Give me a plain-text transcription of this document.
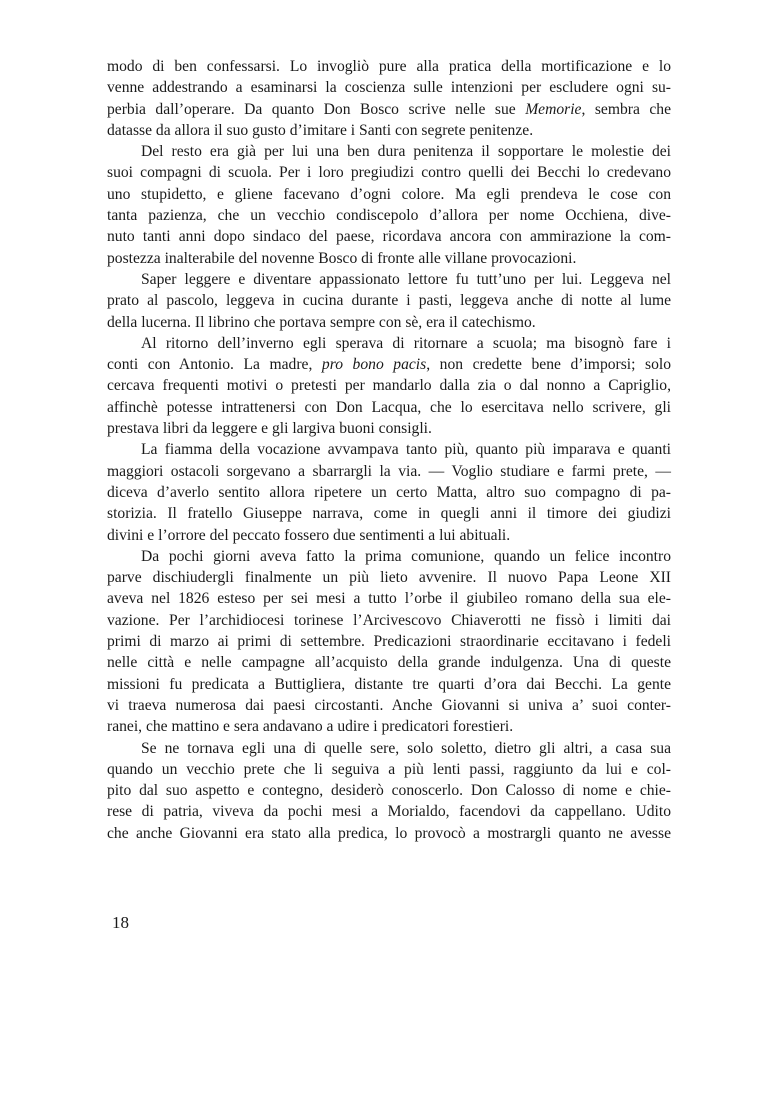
modo di ben confessarsi. Lo invogliò pure alla pratica della mortificazione e lo
venne addestrando a esaminarsi la coscienza sulle intenzioni per escludere ogni su-
perbia dall’operare. Da quanto Don Bosco scrive nelle sue Memorie, sembra che
datasse da allora il suo gusto d’imitare i Santi con segrete penitenze.
Del resto era già per lui una ben dura penitenza il sopportare le molestie dei
suoi compagni di scuola. Per i loro pregiudizi contro quelli dei Becchi lo credevano
uno stupidetto, e gliene facevano d’ogni colore. Ma egli prendeva le cose con
tanta pazienza, che un vecchio condiscepolo d’allora per nome Occhiena, dive-
nuto tanti anni dopo sindaco del paese, ricordava ancora con ammirazione la com-
postezza inalterabile del novenne Bosco di fronte alle villane provocazioni.
Saper leggere e diventare appassionato lettore fu tutt’uno per lui. Leggeva nel
prato al pascolo, leggeva in cucina durante i pasti, leggeva anche di notte al lume
della lucerna. Il librino che portava sempre con sè, era il catechismo.
Al ritorno dell’inverno egli sperava di ritornare a scuola; ma bisognò fare i
conti con Antonio. La madre, pro bono pacis, non credette bene d’imporsi; solo
cercava frequenti motivi o pretesti per mandarlo dalla zia o dal nonno a Capriglio,
affinchè potesse intrattenersi con Don Lacqua, che lo esercitava nello scrivere, gli
prestava libri da leggere e gli largiva buoni consigli.
La fiamma della vocazione avvampava tanto più, quanto più imparava e quanti
maggiori ostacoli sorgevano a sbarrargli la via. — Voglio studiare e farmi prete, —
diceva d’averlo sentito allora ripetere un certo Matta, altro suo compagno di pa-
storizia. Il fratello Giuseppe narrava, come in quegli anni il timore dei giudizi
divini e l’orrore del peccato fossero due sentimenti a lui abituali.
Da pochi giorni aveva fatto la prima comunione, quando un felice incontro
parve dischiudergli finalmente un più lieto avvenire. Il nuovo Papa Leone XII
aveva nel 1826 esteso per sei mesi a tutto l’orbe il giubileo romano della sua ele-
vazione. Per l’archidiocesi torinese l’Arcivescovo Chiaverotti ne fissò i limiti dai
primi di marzo ai primi di settembre. Predicazioni straordinarie eccitavano i fedeli
nelle città e nelle campagne all’acquisto della grande indulgenza. Una di queste
missioni fu predicata a Buttigliera, distante tre quarti d’ora dai Becchi. La gente
vi traeva numerosa dai paesi circostanti. Anche Giovanni si univa a’ suoi conter-
ranei, che mattino e sera andavano a udire i predicatori forestieri.
Se ne tornava egli una di quelle sere, solo soletto, dietro gli altri, a casa sua
quando un vecchio prete che li seguiva a più lenti passi, raggiunto da lui e col-
pito dal suo aspetto e contegno, desiderò conoscerlo. Don Calosso di nome e chie-
rese di patria, viveva da pochi mesi a Morialdo, facendovi da cappellano. Udito
che anche Giovanni era stato alla predica, lo provocò a mostrargli quanto ne avesse
18
